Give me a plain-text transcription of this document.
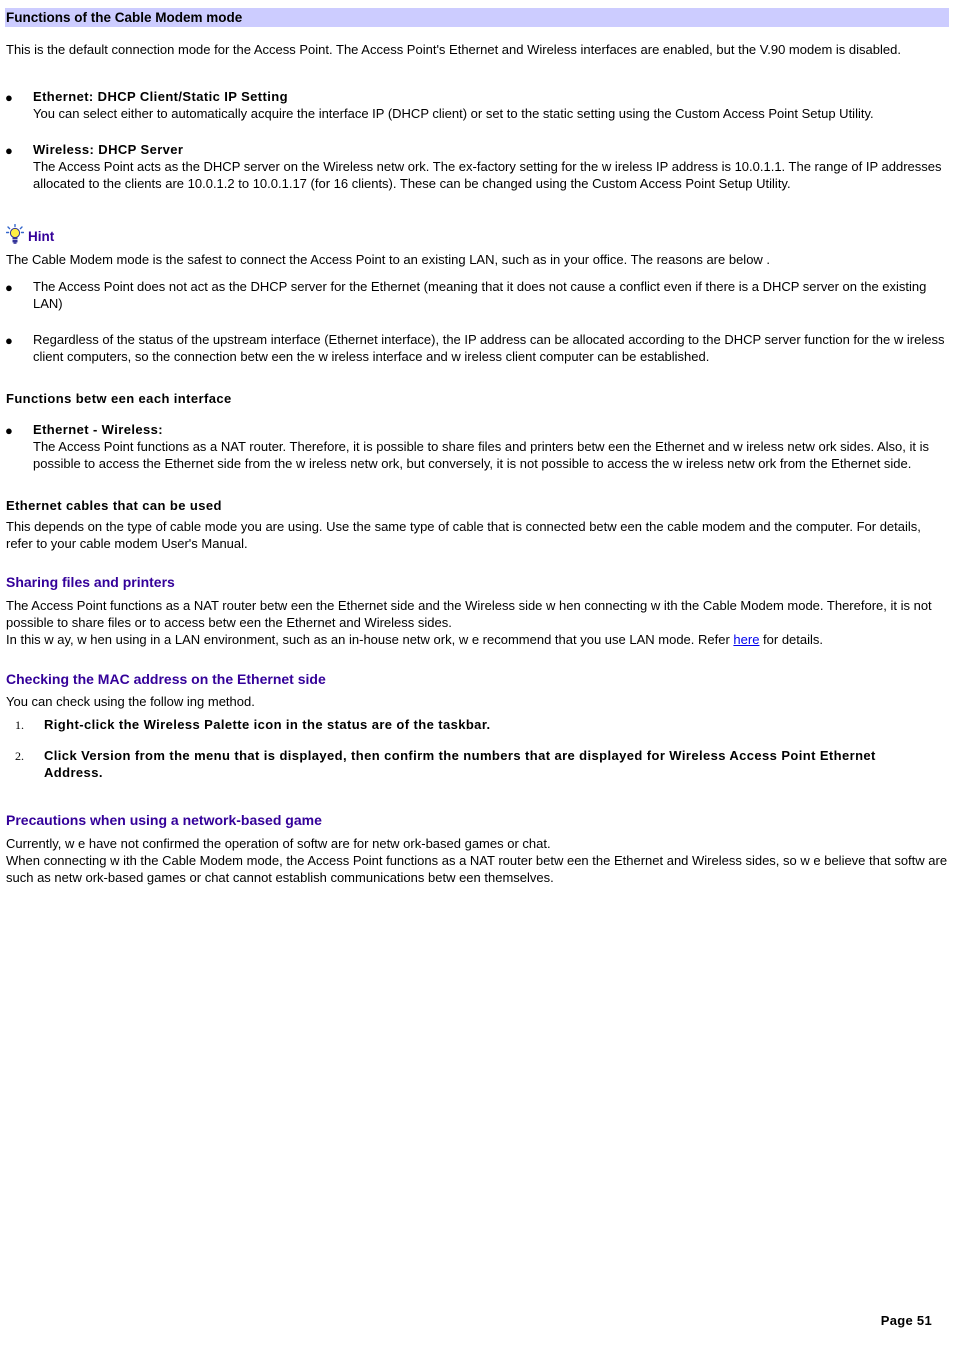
Functions of the Cable Modem mode

This is the default connection mode for the Access Point. The Access Point's Ethernet and Wireless interfaces are enabled, but the V.90 modem is disabled.

● Ethernet: DHCP Client/Static IP Setting

You can select either to automatically acquire the interface IP (DHCP client) or set to the static setting using the Custom Access Point Setup Utility.

● Wireless: DHCP Server

The Access Point acts as the DHCP server on the Wireless netw ork. The ex-factory setting for the w ireless IP address is 10.0.1.1. The range of IP addresses allocated to the clients are 10.0.1.2 to 10.0.1.17 (for 16 clients). These can be changed using the Custom Access Point Setup Utility.

Hint

The Cable Modem mode is the safest to connect the Access Point to an existing LAN, such as in your office. The reasons are below .

● The Access Point does not act as the DHCP server for the Ethernet (meaning that it does not cause a conflict even if there is a DHCP server on the existing LAN)

● Regardless of the status of the upstream interface (Ethernet interface), the IP address can be allocated according to the DHCP server function for the w ireless client computers, so the connection betw een the w ireless interface and w ireless client computer can be established.

Functions betw een each interface

● Ethernet - Wireless:

The Access Point functions as a NAT router. Therefore, it is possible to share files and printers betw een the Ethernet and w ireless netw ork sides. Also, it is possible to access the Ethernet side from the w ireless netw ork, but conversely, it is not possible to access the w ireless netw ork from the Ethernet side.

Ethernet cables that can be used

This depends on the type of cable mode you are using. Use the same type of cable that is connected betw een the cable modem and the computer. For details, refer to your cable modem User's Manual.

Sharing files and printers

The Access Point functions as a NAT router betw een the Ethernet side and the Wireless side w hen connecting w ith the Cable Modem mode. Therefore, it is not possible to share files or to access betw een the Ethernet and Wireless sides.

In this w ay, w hen using in a LAN environment, such as an in-house netw ork, w e recommend that you use LAN mode. Refer here for details.

Checking the MAC address on the Ethernet side

You can check using the follow ing method.

1. Right-click the Wireless Palette icon in the status are of the taskbar.

2. Click Version from the menu that is displayed, then confirm the numbers that are displayed for Wireless Access Point Ethernet Address.

Precautions when using a network-based game

Currently, w e have not confirmed the operation of softw are for netw ork-based games or chat.

When connecting w ith the Cable Modem mode, the Access Point functions as a NAT router betw een the Ethernet and Wireless sides, so w e believe that softw are such as netw ork-based games or chat cannot establish communications betw een themselves.

Page 51
